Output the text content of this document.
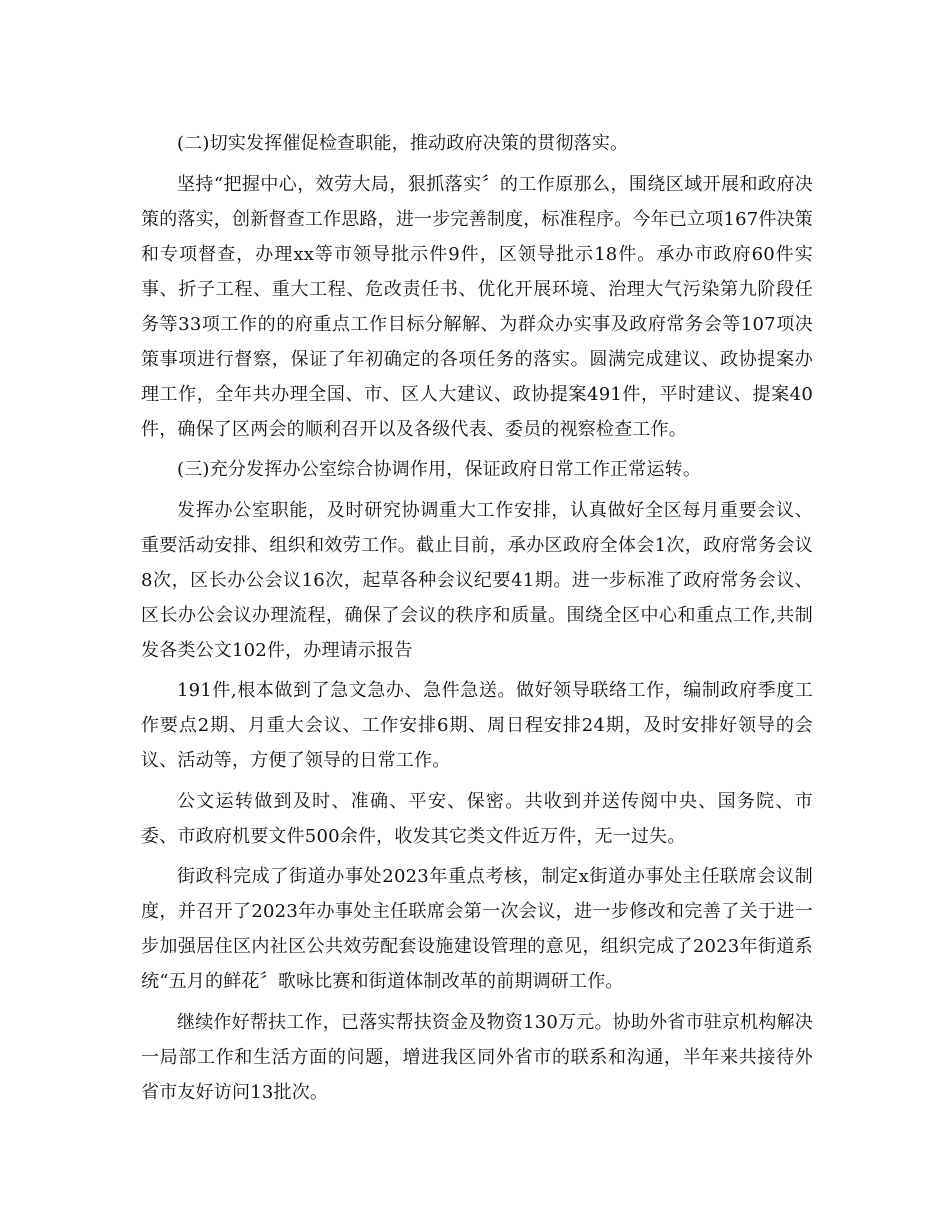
(二)切实发挥催促检查职能，推动政府决策的贯彻落实。

坚持“把握中心，效劳大局，狠抓落实〞的工作原那么，围绕区域开展和政府决策的落实，创新督查工作思路，进一步完善制度，标准程序。今年已立项167件决策和专项督查，办理xx等市领导批示件9件，区领导批示18件。承办市政府60件实事、折子工程、重大工程、危改责任书、优化开展环境、治理大气污染第九阶段任务等33项工作的的府重点工作目标分解解、为群众办实事及政府常务会等107项决策事项进行督察，保证了年初确定的各项任务的落实。圆满完成建议、政协提案办理工作，全年共办理全国、市、区人大建议、政协提案491件，平时建议、提案40件，确保了区两会的顺利召开以及各级代表、委员的视察检查工作。

(三)充分发挥办公室综合协调作用，保证政府日常工作正常运转。

发挥办公室职能，及时研究协调重大工作安排，认真做好全区每月重要会议、重要活动安排、组织和效劳工作。截止目前，承办区政府全体会1次，政府常务会议8次，区长办公会议16次，起草各种会议纪要41期。进一步标准了政府常务会议、区长办公会议办理流程，确保了会议的秩序和质量。围绕全区中心和重点工作,共制发各类公文102件，办理请示报告

191件,根本做到了急文急办、急件急送。做好领导联络工作，编制政府季度工作要点2期、月重大会议、工作安排6期、周日程安排24期，及时安排好领导的会议、活动等，方便了领导的日常工作。

公文运转做到及时、准确、平安、保密。共收到并送传阅中央、国务院、市委、市政府机要文件500余件，收发其它类文件近万件，无一过失。

街政科完成了街道办事处2023年重点考核，制定x街道办事处主任联席会议制度，并召开了2023年办事处主任联席会第一次会议，进一步修改和完善了关于进一步加强居住区内社区公共效劳配套设施建设管理的意见，组织完成了2023年街道系统“五月的鲜花〞歌咏比赛和街道体制改革的前期调研工作。

继续作好帮扶工作，已落实帮扶资金及物资130万元。协助外省市驻京机构解决一局部工作和生活方面的问题，增进我区同外省市的联系和沟通，半年来共接待外省市友好访问13批次。
